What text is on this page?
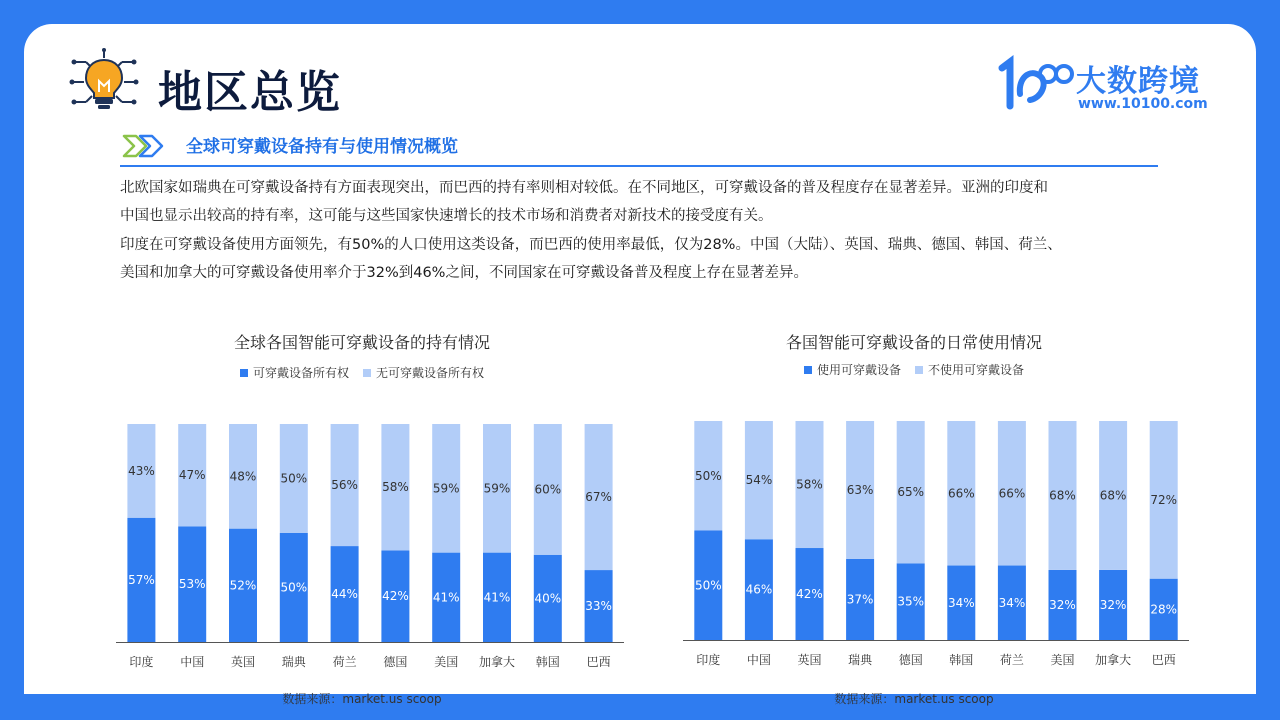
地区总览	大数跨境
www.10100.com
全球可穿戴设备持有与使用情况概览
北欧国家如瑞典在可穿戴设备持有方面表现突出，而巴西的持有率则相对较低。在不同地区，可穿戴设备的普及程度存在显著差异。亚洲的印度和
中国也显示出较高的持有率，这可能与这些国家快速增长的技术市场和消费者对新技术的接受度有关。
印度在可穿戴设备使用方面领先，有50%的人口使用这类设备，而巴西的使用率最低，仅为28%。中国（大陆）、英国、瑞典、德国、韩国、荷兰、
美国和加拿大的可穿戴设备使用率介于32%到46%之间，不同国家在可穿戴设备普及程度上存在显著差异。
全球各国智能可穿戴设备的持有情况
可穿戴设备所有权 无可穿戴设备所有权
57%
43%
印度
53%
47%
中国
52%
48%
英国
50%
50%
瑞典
44%
56%
荷兰
42%
58%
德国
41%
59%
美国
41%
59%
加拿大
40%
60%
韩国
33%
67%
巴西
数据来源：market.us scoop
各国智能可穿戴设备的日常使用情况
使用可穿戴设备 不使用可穿戴设备
50%
50%
印度
46%
54%
中国
42%
58%
英国
37%
63%
瑞典
35%
65%
德国
34%
66%
韩国
34%
66%
荷兰
32%
68%
美国
32%
68%
加拿大
28%
72%
巴西
数据来源：market.us scoop
